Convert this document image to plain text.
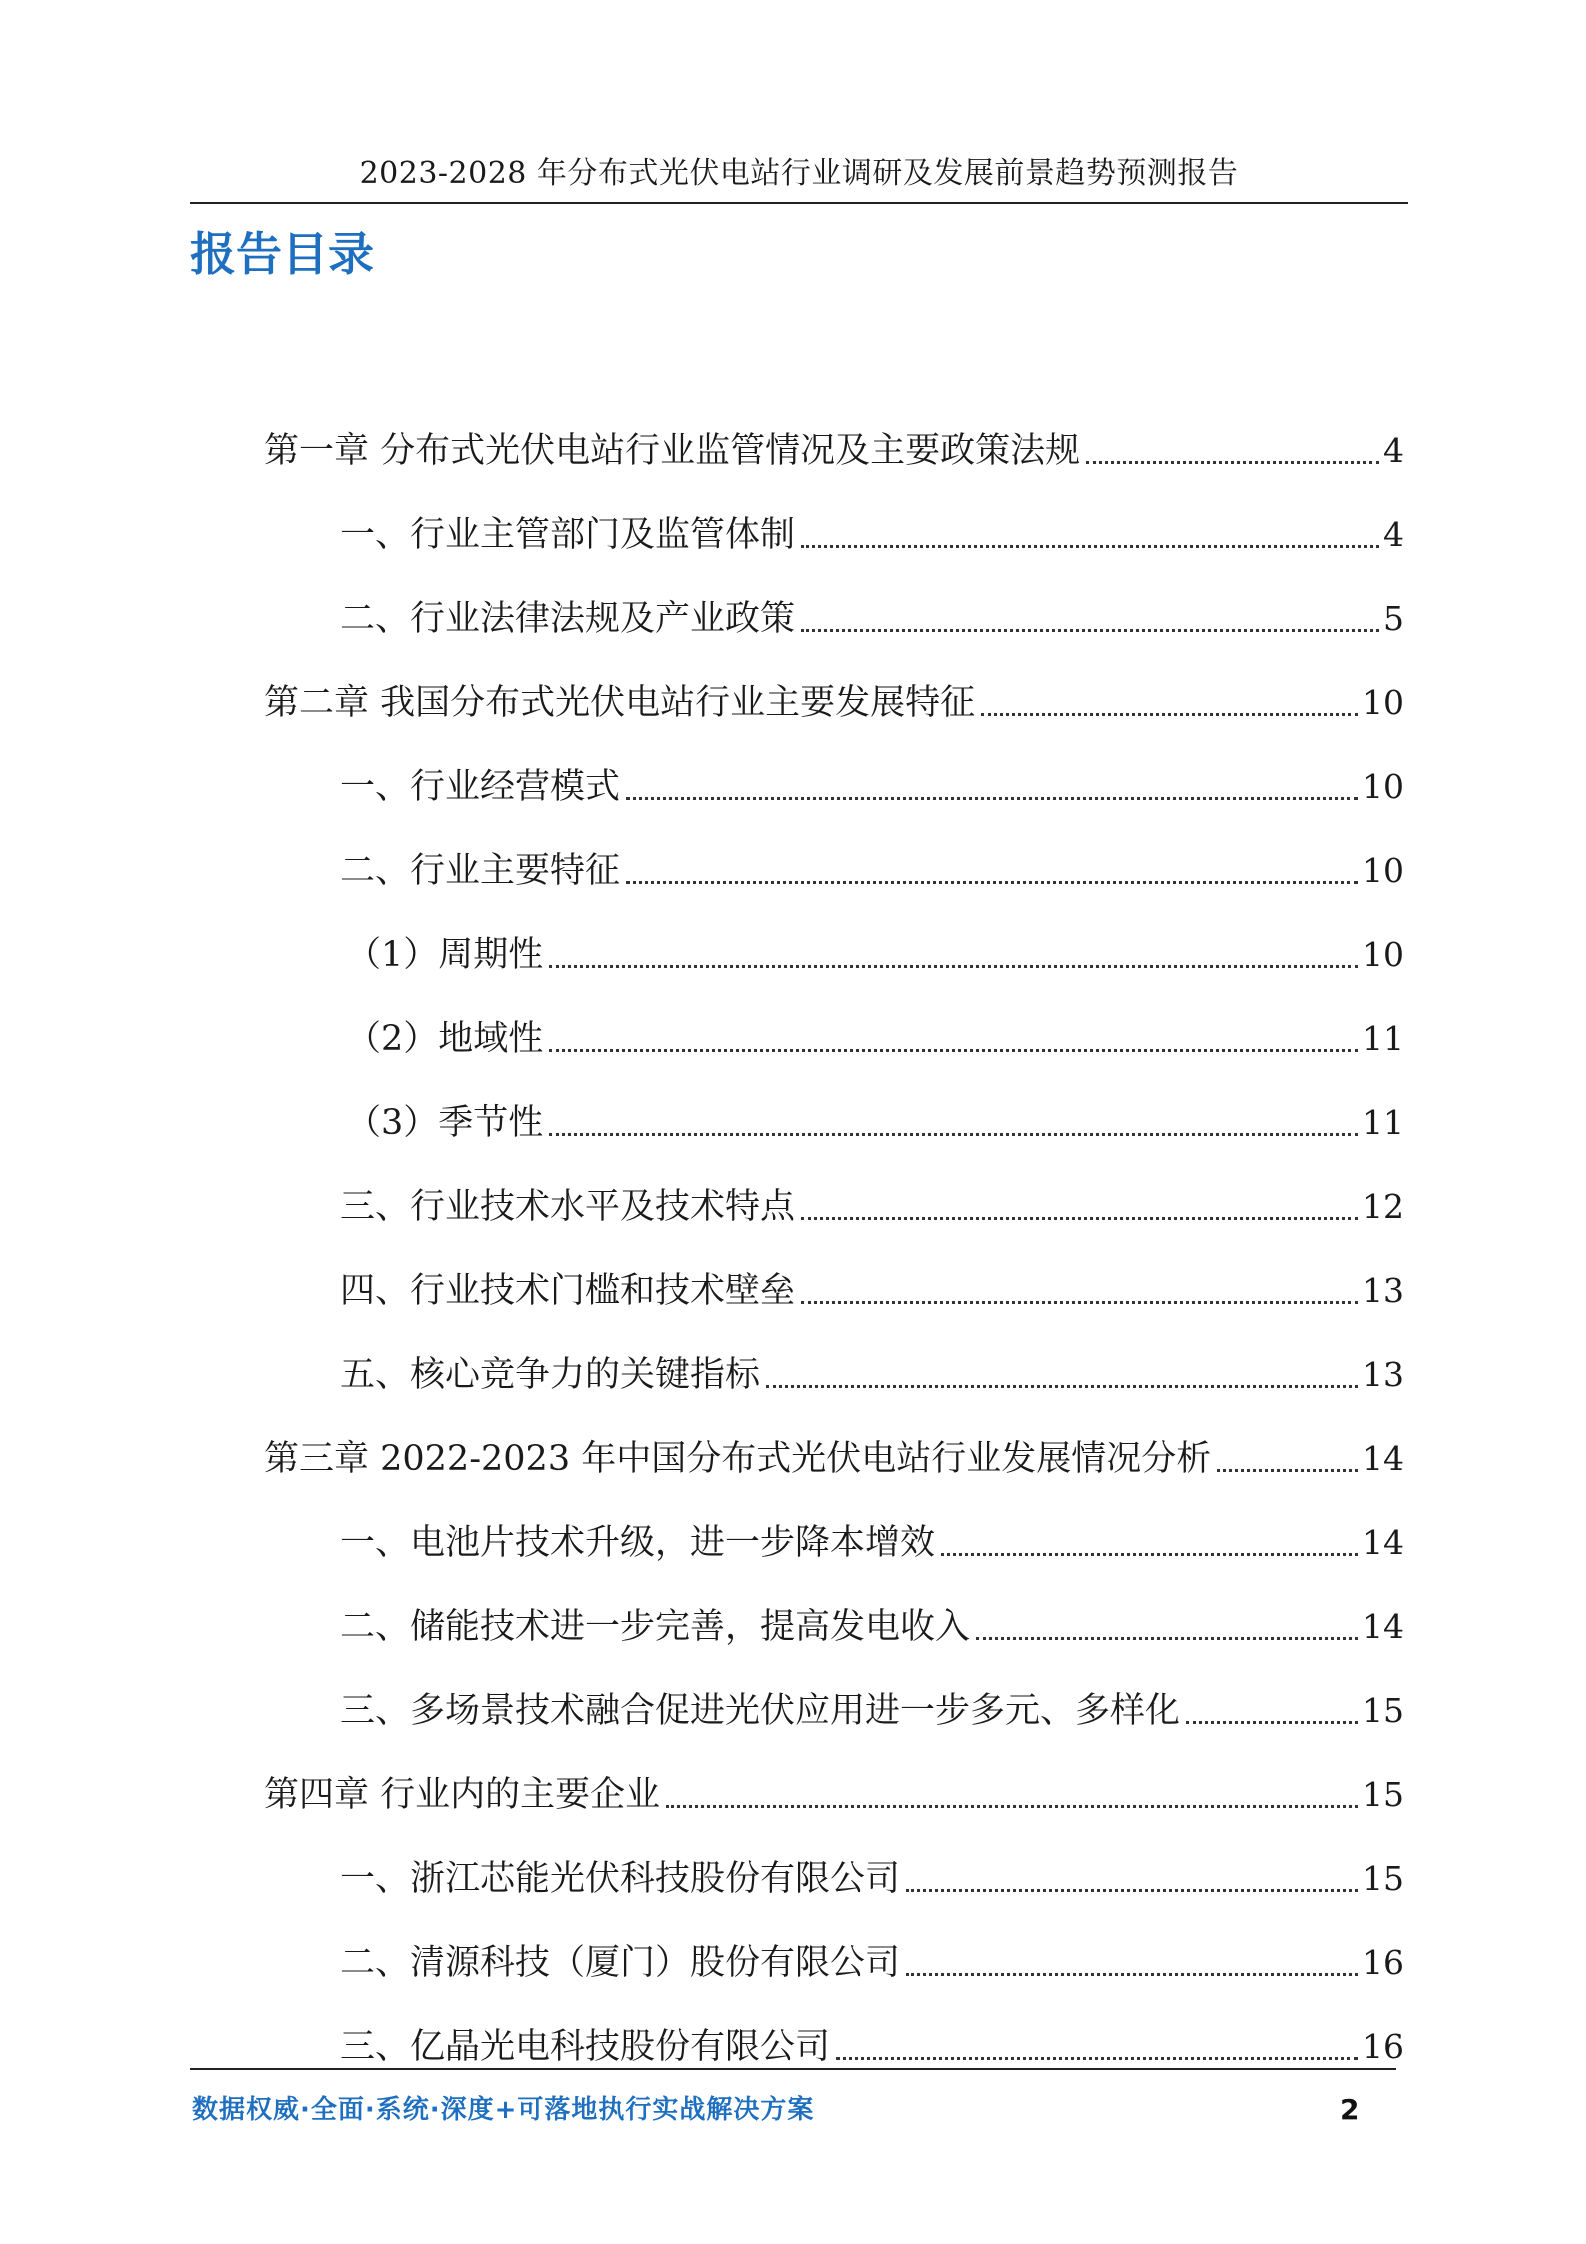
2023-2028 年分布式光伏电站行业调研及发展前景趋势预测报告
报告目录
第一章 分布式光伏电站行业监管情况及主要政策法规	4
一、行业主管部门及监管体制	4
二、行业法律法规及产业政策	5
第二章 我国分布式光伏电站行业主要发展特征	10
一、行业经营模式	10
二、行业主要特征	10
（1）周期性	10
（2）地域性	11
（3）季节性	11
三、行业技术水平及技术特点	12
四、行业技术门槛和技术壁垒	13
五、核心竞争力的关键指标	13
第三章 2022-2023 年中国分布式光伏电站行业发展情况分析	14
一、电池片技术升级，进一步降本增效	14
二、储能技术进一步完善，提高发电收入	14
三、多场景技术融合促进光伏应用进一步多元、多样化	15
第四章 行业内的主要企业	15
一、浙江芯能光伏科技股份有限公司	15
二、清源科技（厦门）股份有限公司	16
三、亿晶光电科技股份有限公司	16
数据权威·全面·系统·深度+可落地执行实战解决方案	2
